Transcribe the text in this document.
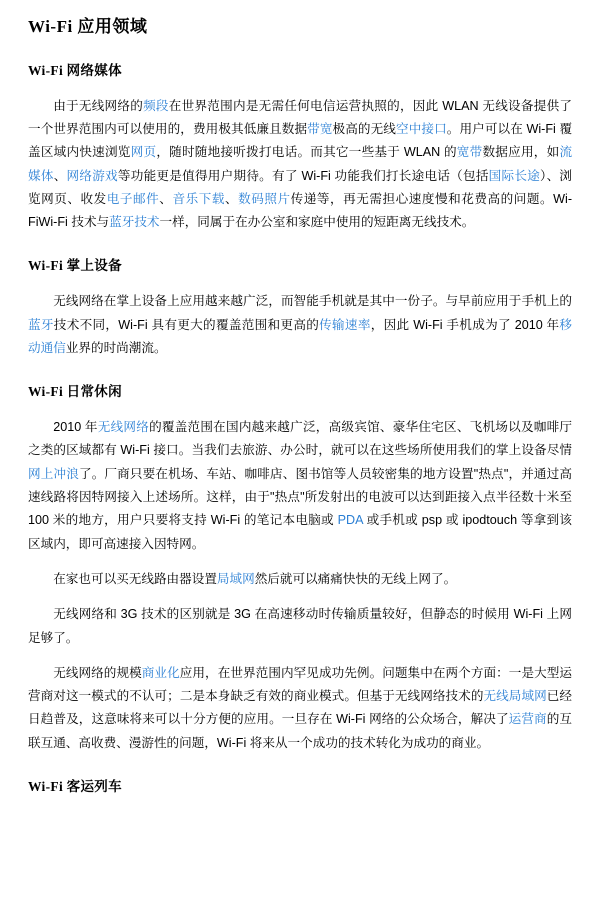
Wi-Fi 应用领域
Wi-Fi 网络媒体

由于无线网络的频段在世界范围内是无需任何电信运营执照的，因此 WLAN 无线设备提供了一个世界范围内可以使用的，费用极其低廉且数据带宽极高的无线空中接口。用户可以在 Wi-Fi 覆盖区域内快速浏览网页，随时随地接听拨打电话。而其它一些基于 WLAN 的宽带数据应用，如流媒体、网络游戏等功能更是值得用户期待。有了 Wi-Fi 功能我们打长途电话（包括国际长途）、浏览网页、收发电子邮件、音乐下载、数码照片传递等，再无需担心速度慢和花费高的问题。Wi-FiWi-Fi 技术与蓝牙技术一样，同属于在办公室和家庭中使用的短距离无线技术。

Wi-Fi 掌上设备

无线网络在掌上设备上应用越来越广泛，而智能手机就是其中一份子。与早前应用于手机上的蓝牙技术不同，Wi-Fi 具有更大的覆盖范围和更高的传输速率，因此 Wi-Fi 手机成为了 2010 年移动通信业界的时尚潮流。

Wi-Fi 日常休闲

2010 年无线网络的覆盖范围在国内越来越广泛，高级宾馆、豪华住宅区、飞机场以及咖啡厅之类的区域都有 Wi-Fi 接口。当我们去旅游、办公时，就可以在这些场所使用我们的掌上设备尽情网上冲浪了。厂商只要在机场、车站、咖啡店、图书馆等人员较密集的地方设置"热点"，并通过高速线路将因特网接入上述场所。这样，由于"热点"所发射出的电波可以达到距接入点半径数十米至 100 米的地方，用户只要将支持 Wi-Fi 的笔记本电脑或 PDA 或手机或 psp 或 ipodtouch 等拿到该区域内，即可高速接入因特网。

在家也可以买无线路由器设置局域网然后就可以痛痛快快的无线上网了。

无线网络和 3G 技术的区别就是 3G 在高速移动时传输质量较好，但静态的时候用 Wi-Fi 上网足够了。

无线网络的规模商业化应用，在世界范围内罕见成功先例。问题集中在两个方面：一是大型运营商对这一模式的不认可；二是本身缺乏有效的商业模式。但基于无线网络技术的无线局域网已经日趋普及，这意味将来可以十分方便的应用。一旦存在 Wi-Fi 网络的公众场合，解决了运营商的互联互通、高收费、漫游性的问题，Wi-Fi 将来从一个成功的技术转化为成功的商业。

Wi-Fi 客运列车
